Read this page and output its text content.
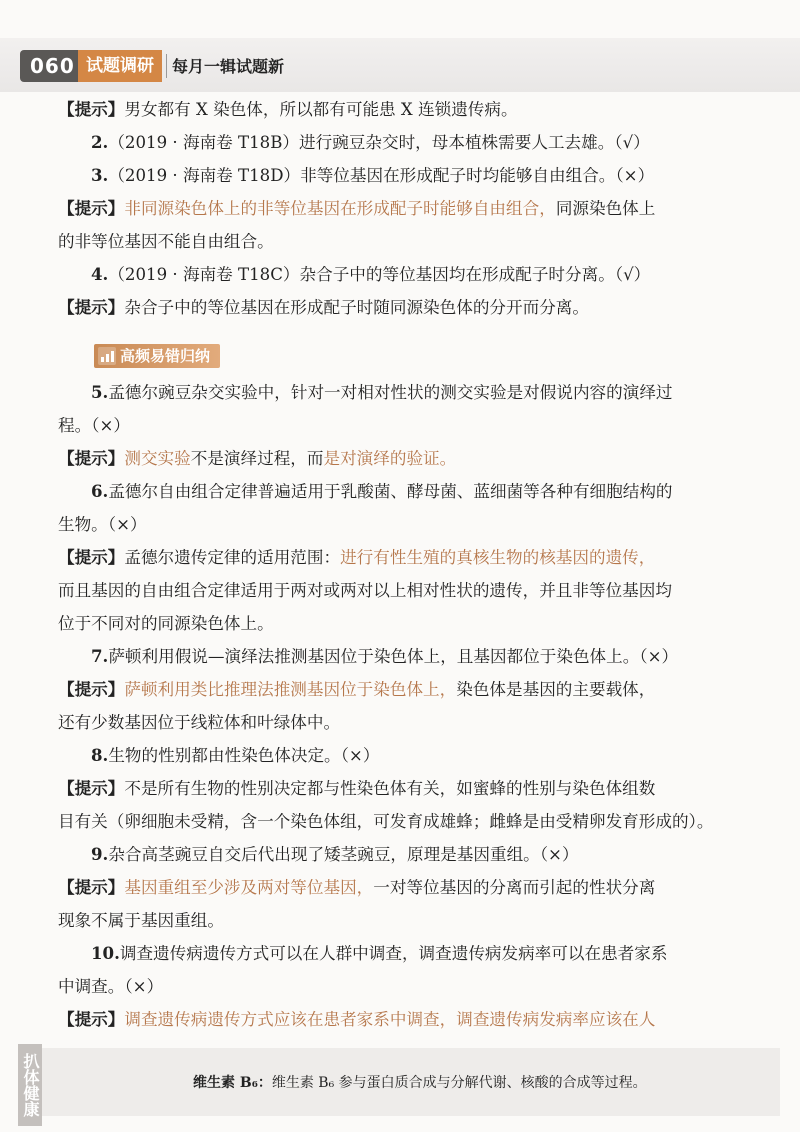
060 试题调研	每月一辑试题新
【提示】男女都有 X 染色体，所以都有可能患 X 连锁遗传病。
2.（2019 · 海南卷 T18B）进行豌豆杂交时，母本植株需要人工去雄。（√）
3.（2019 · 海南卷 T18D）非等位基因在形成配子时均能够自由组合。（×）
【提示】非同源染色体上的非等位基因在形成配子时能够自由组合，同源染色体上
的非等位基因不能自由组合。
4.（2019 · 海南卷 T18C）杂合子中的等位基因均在形成配子时分离。（√）
【提示】杂合子中的等位基因在形成配子时随同源染色体的分开而分离。
高频易错归纳
5.孟德尔豌豆杂交实验中，针对一对相对性状的测交实验是对假说内容的演绎过
程。（×）
【提示】测交实验不是演绎过程，而是对演绎的验证。
6.孟德尔自由组合定律普遍适用于乳酸菌、酵母菌、蓝细菌等各种有细胞结构的
生物。（×）
【提示】孟德尔遗传定律的适用范围：进行有性生殖的真核生物的核基因的遗传，
而且基因的自由组合定律适用于两对或两对以上相对性状的遗传，并且非等位基因均
位于不同对的同源染色体上。
7.萨顿利用假说—演绎法推测基因位于染色体上，且基因都位于染色体上。（×）
【提示】萨顿利用类比推理法推测基因位于染色体上，染色体是基因的主要载体，
还有少数基因位于线粒体和叶绿体中。
8.生物的性别都由性染色体决定。（×）
【提示】不是所有生物的性别决定都与性染色体有关，如蜜蜂的性别与染色体组数
目有关（卵细胞未受精，含一个染色体组，可发育成雄蜂；雌蜂是由受精卵发育形成的）。
9.杂合高茎豌豆自交后代出现了矮茎豌豆，原理是基因重组。（×）
【提示】基因重组至少涉及两对等位基因，一对等位基因的分离而引起的性状分离
现象不属于基因重组。
10.调查遗传病遗传方式可以在人群中调查，调查遗传病发病率可以在患者家系
中调查。（×）
【提示】调查遗传病遗传方式应该在患者家系中调查，调查遗传病发病率应该在人
扒体健康	维生素 B₆：维生素 B₆ 参与蛋白质合成与分解代谢、核酸的合成等过程。
